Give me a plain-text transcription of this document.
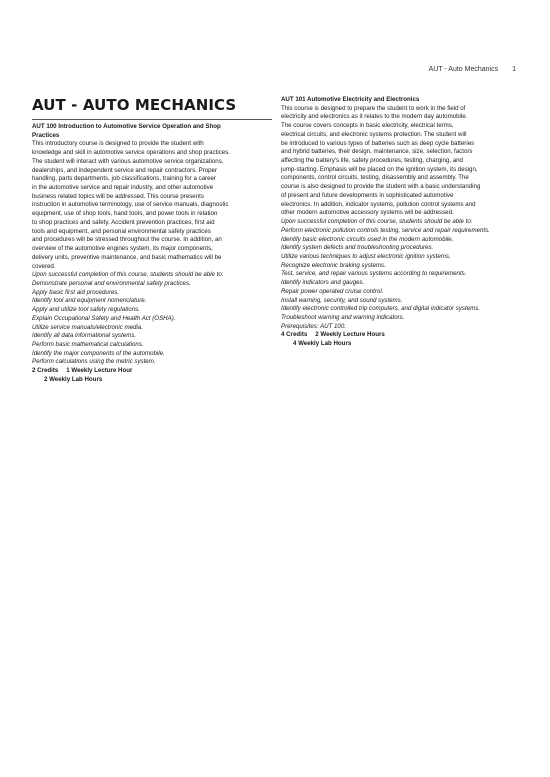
AUT - Auto Mechanics 1
AUT - AUTO MECHANICS
AUT 100 Introduction to Automotive Service Operation and Shop
Practices
This introductory course is designed to provide the student with
knowledge and skill in automotive service operations and shop practices.
The student will interact with various automotive service organizations,
dealerships, and independent service and repair contractors. Proper
handling, parts departments, job classifications, training for a career
in the automotive service and repair industry, and other automotive
business related topics will be addressed. This course presents
instruction in automotive terminology, use of service manuals, diagnostic
equipment, use of shop tools, hand tools, and power tools in relation
to shop practices and safety. Accident prevention practices, first aid
tools and equipment, and personal environmental safety practices
and procedures will be stressed throughout the course. In addition, an
overview of the automotive engines system, its major components,
delivery units, preventive maintenance, and basic mathematics will be
covered.
Upon successful completion of this course, students should be able to:
Demonstrate personal and environmental safety practices.
Apply basic first aid procedures.
Identify tool and equipment nomenclature.
Apply and utilize tool safety regulations.
Explain Occupational Safety and Health Act (OSHA).
Utilize service manuals/electronic media.
Identify all data informational systems.
Perform basic mathematical calculations.
Identify the major components of the automobile.
Perform calculations using the metric system.
2 Credits 1 Weekly Lecture Hour
2 Weekly Lab Hours
AUT 101 Automotive Electricity and Electronics
This course is designed to prepare the student to work in the field of
electricity and electronics as it relates to the modern day automobile.
The course covers concepts in basic electricity, electrical terms,
electrical circuits, and electronic systems protection. The student will
be introduced to various types of batteries such as deep cycle batteries
and hybrid batteries, their design, maintenance, size, selection, factors
affecting the battery's life, safety procedures, testing, charging, and
jump-starting. Emphasis will be placed on the ignition system, its design,
components, control circuits, testing, disassembly and assembly. The
course is also designed to provide the student with a basic understanding
of present and future developments in sophisticated automotive
electronics. In addition, indicator systems, pollution control systems and
other modern automotive accessory systems will be addressed.
Upon successful completion of this course, students should be able to:
Perform electronic pollution controls testing, service and repair requirements.
Identify basic electronic circuits used in the modern automobile.
Identify system defects and troubleshooting procedures.
Utilize various techniques to adjust electronic ignition systems.
Recognize electronic braking systems.
Test, service, and repair various systems according to requirements.
Identify indicators and gauges.
Repair power operated cruise control.
Install warning, security, and sound systems.
Identify electronic controlled trip computers, and digital indicator systems.
Troubleshoot warning and warning indicators.
Prerequisites: AUT 100.
4 Credits 2 Weekly Lecture Hours
4 Weekly Lab Hours
